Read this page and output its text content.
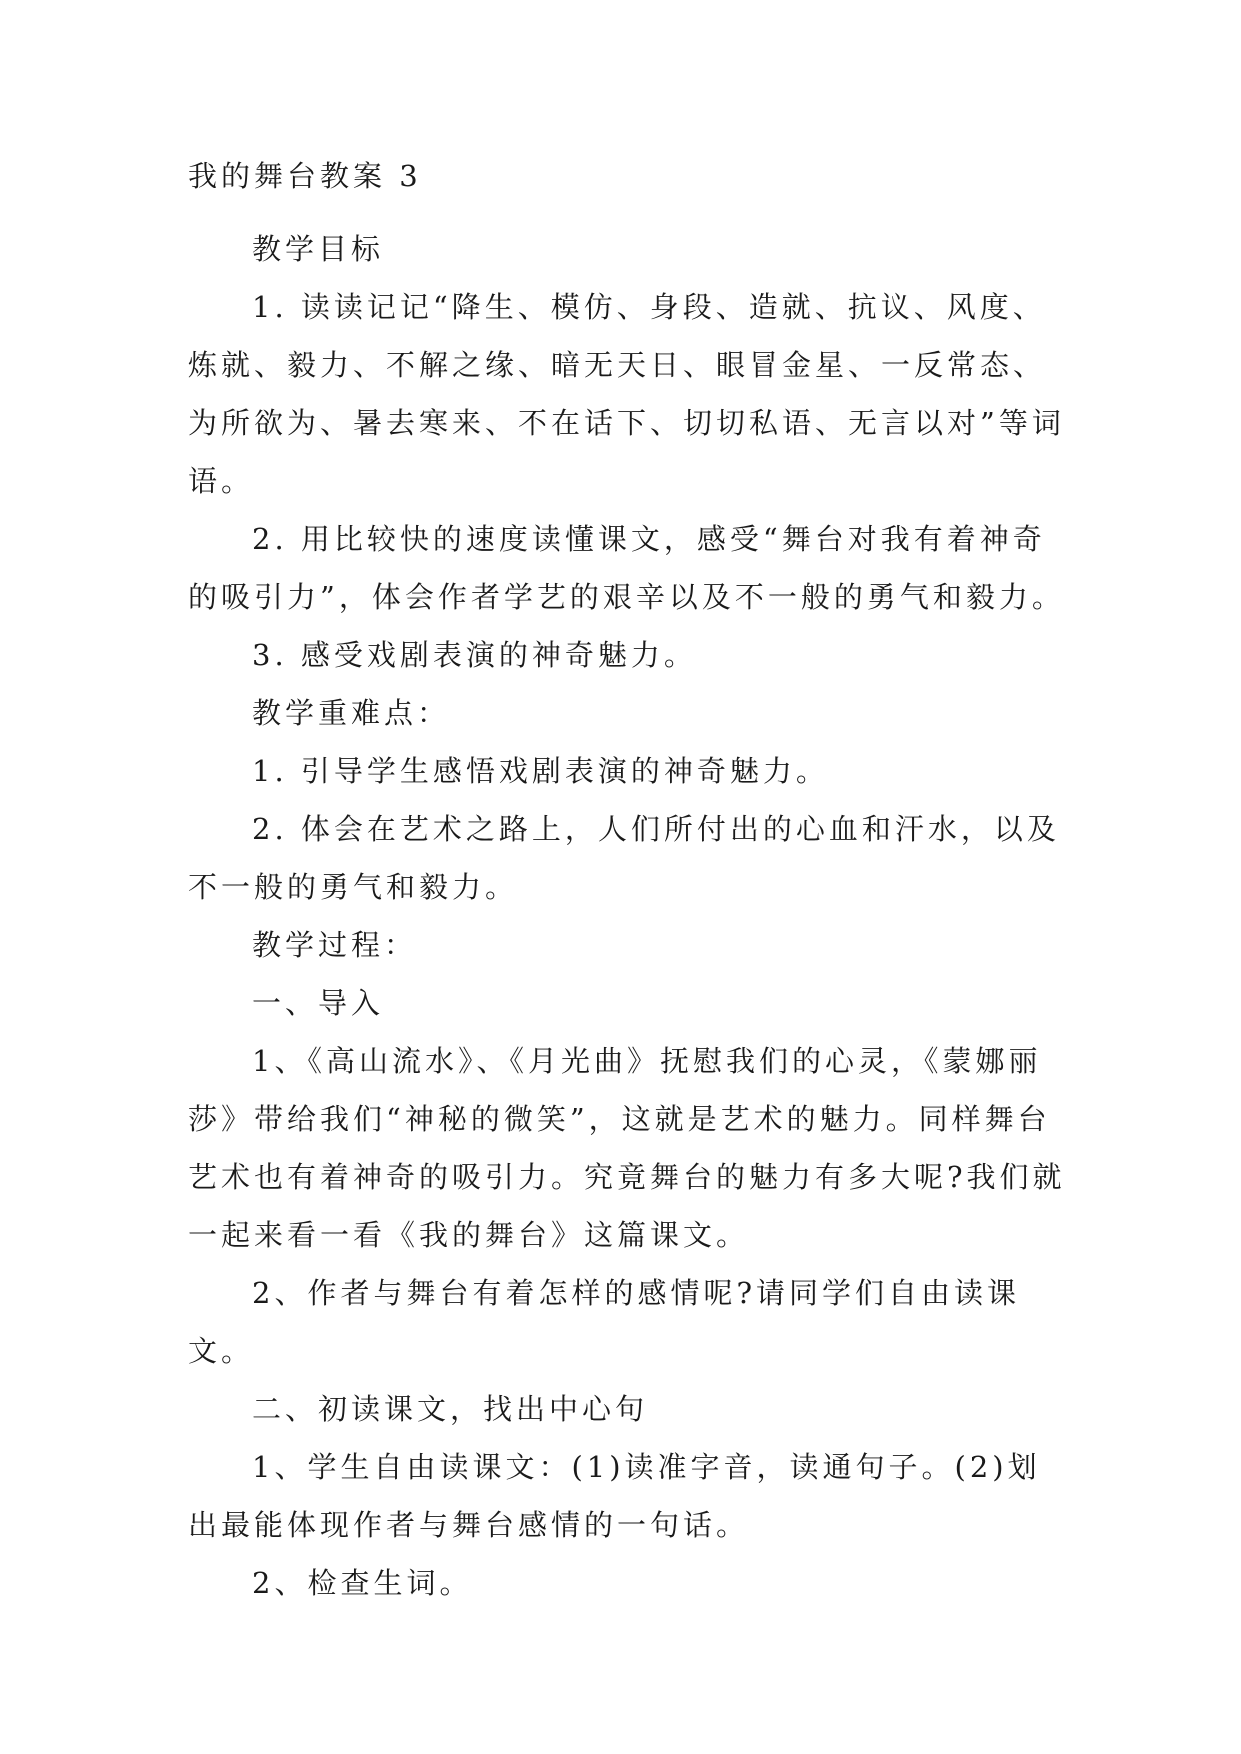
我的舞台教案 3

教学目标

1. 读读记记“降生、模仿、身段、造就、抗议、风度、炼就、毅力、不解之缘、暗无天日、眼冒金星、一反常态、为所欲为、暑去寒来、不在话下、切切私语、无言以对”等词语。

2. 用比较快的速度读懂课文，感受“舞台对我有着神奇的吸引力”，体会作者学艺的艰辛以及不一般的勇气和毅力。

3. 感受戏剧表演的神奇魅力。

教学重难点：

1. 引导学生感悟戏剧表演的神奇魅力。

2. 体会在艺术之路上，人们所付出的心血和汗水，以及不一般的勇气和毅力。

教学过程：

一、导入

1、《高山流水》、《月光曲》抚慰我们的心灵，《蒙娜丽莎》带给我们“神秘的微笑”，这就是艺术的魅力。同样舞台艺术也有着神奇的吸引力。究竟舞台的魅力有多大呢?我们就一起来看一看《我的舞台》这篇课文。

2、作者与舞台有着怎样的感情呢?请同学们自由读课文。

二、初读课文，找出中心句

1、学生自由读课文：(1)读准字音，读通句子。(2)划出最能体现作者与舞台感情的一句话。

2、检查生词。
